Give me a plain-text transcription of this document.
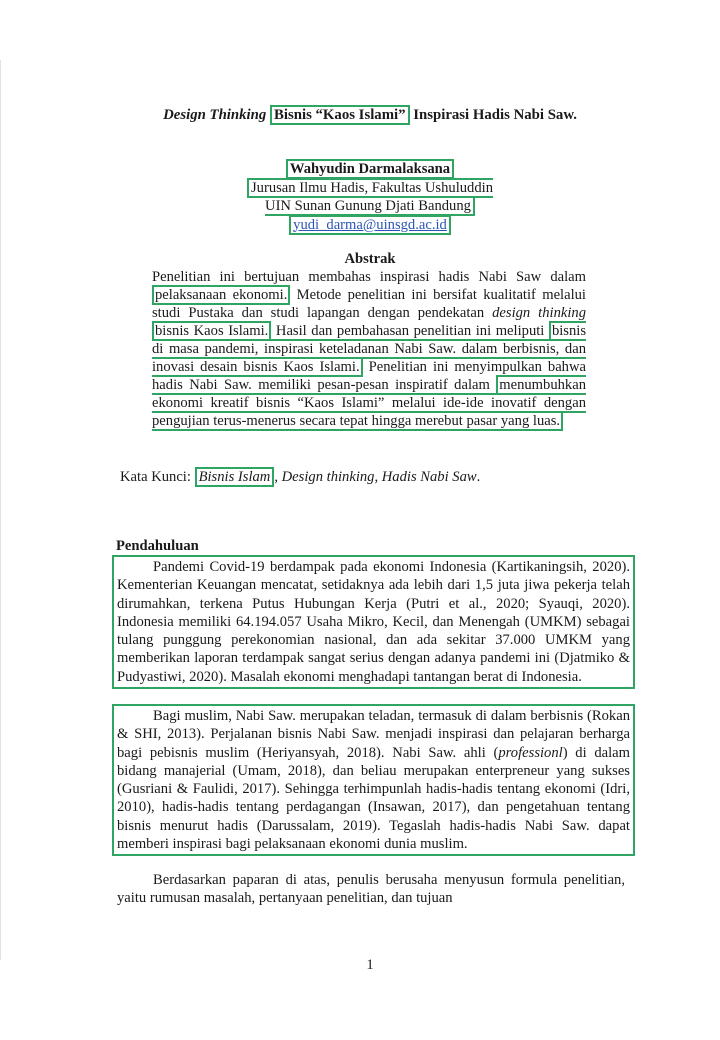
Design Thinking Bisnis “Kaos Islami” Inspirasi Hadis Nabi Saw.
Wahyudin Darmalaksana
Jurusan Ilmu Hadis, Fakultas Ushuluddin
UIN Sunan Gunung Djati Bandung
yudi_darma@uinsgd.ac.id
Abstrak
Penelitian ini bertujuan membahas inspirasi hadis Nabi Saw dalam pelaksanaan ekonomi. Metode penelitian ini bersifat kualitatif melalui studi Pustaka dan studi lapangan dengan pendekatan design thinking bisnis Kaos Islami. Hasil dan pembahasan penelitian ini meliputi bisnis di masa pandemi, inspirasi keteladanan Nabi Saw. dalam berbisnis, dan inovasi desain bisnis Kaos Islami. Penelitian ini menyimpulkan bahwa hadis Nabi Saw. memiliki pesan-pesan inspiratif dalam menumbuhkan ekonomi kreatif bisnis “Kaos Islami” melalui ide-ide inovatif dengan pengujian terus-menerus secara tepat hingga merebut pasar yang luas.
Kata Kunci: Bisnis Islam , Design thinking, Hadis Nabi Saw.
Pendahuluan
Pandemi Covid-19 berdampak pada ekonomi Indonesia (Kartikaningsih, 2020). Kementerian Keuangan mencatat, setidaknya ada lebih dari 1,5 juta jiwa pekerja telah dirumahkan, terkena Putus Hubungan Kerja (Putri et al., 2020; Syauqi, 2020). Indonesia memiliki 64.194.057 Usaha Mikro, Kecil, dan Menengah (UMKM) sebagai tulang punggung perekonomian nasional, dan ada sekitar 37.000 UMKM yang memberikan laporan terdampak sangat serius dengan adanya pandemi ini (Djatmiko & Pudyastiwi, 2020). Masalah ekonomi menghadapi tantangan berat di Indonesia.
Bagi muslim, Nabi Saw. merupakan teladan, termasuk di dalam berbisnis (Rokan & SHI, 2013). Perjalanan bisnis Nabi Saw. menjadi inspirasi dan pelajaran berharga bagi pebisnis muslim (Heriyansyah, 2018). Nabi Saw. ahli (professionl) di dalam bidang manajerial (Umam, 2018), dan beliau merupakan enterpreneur yang sukses (Gusriani & Faulidi, 2017). Sehingga terhimpunlah hadis-hadis tentang ekonomi (Idri, 2010), hadis-hadis tentang perdagangan (Insawan, 2017), dan pengetahuan tentang bisnis menurut hadis (Darussalam, 2019). Tegaslah hadis-hadis Nabi Saw. dapat memberi inspirasi bagi pelaksanaan ekonomi dunia muslim.
Berdasarkan paparan di atas, penulis berusaha menyusun formula penelitian, yaitu rumusan masalah, pertanyaan penelitian, dan tujuan
1
